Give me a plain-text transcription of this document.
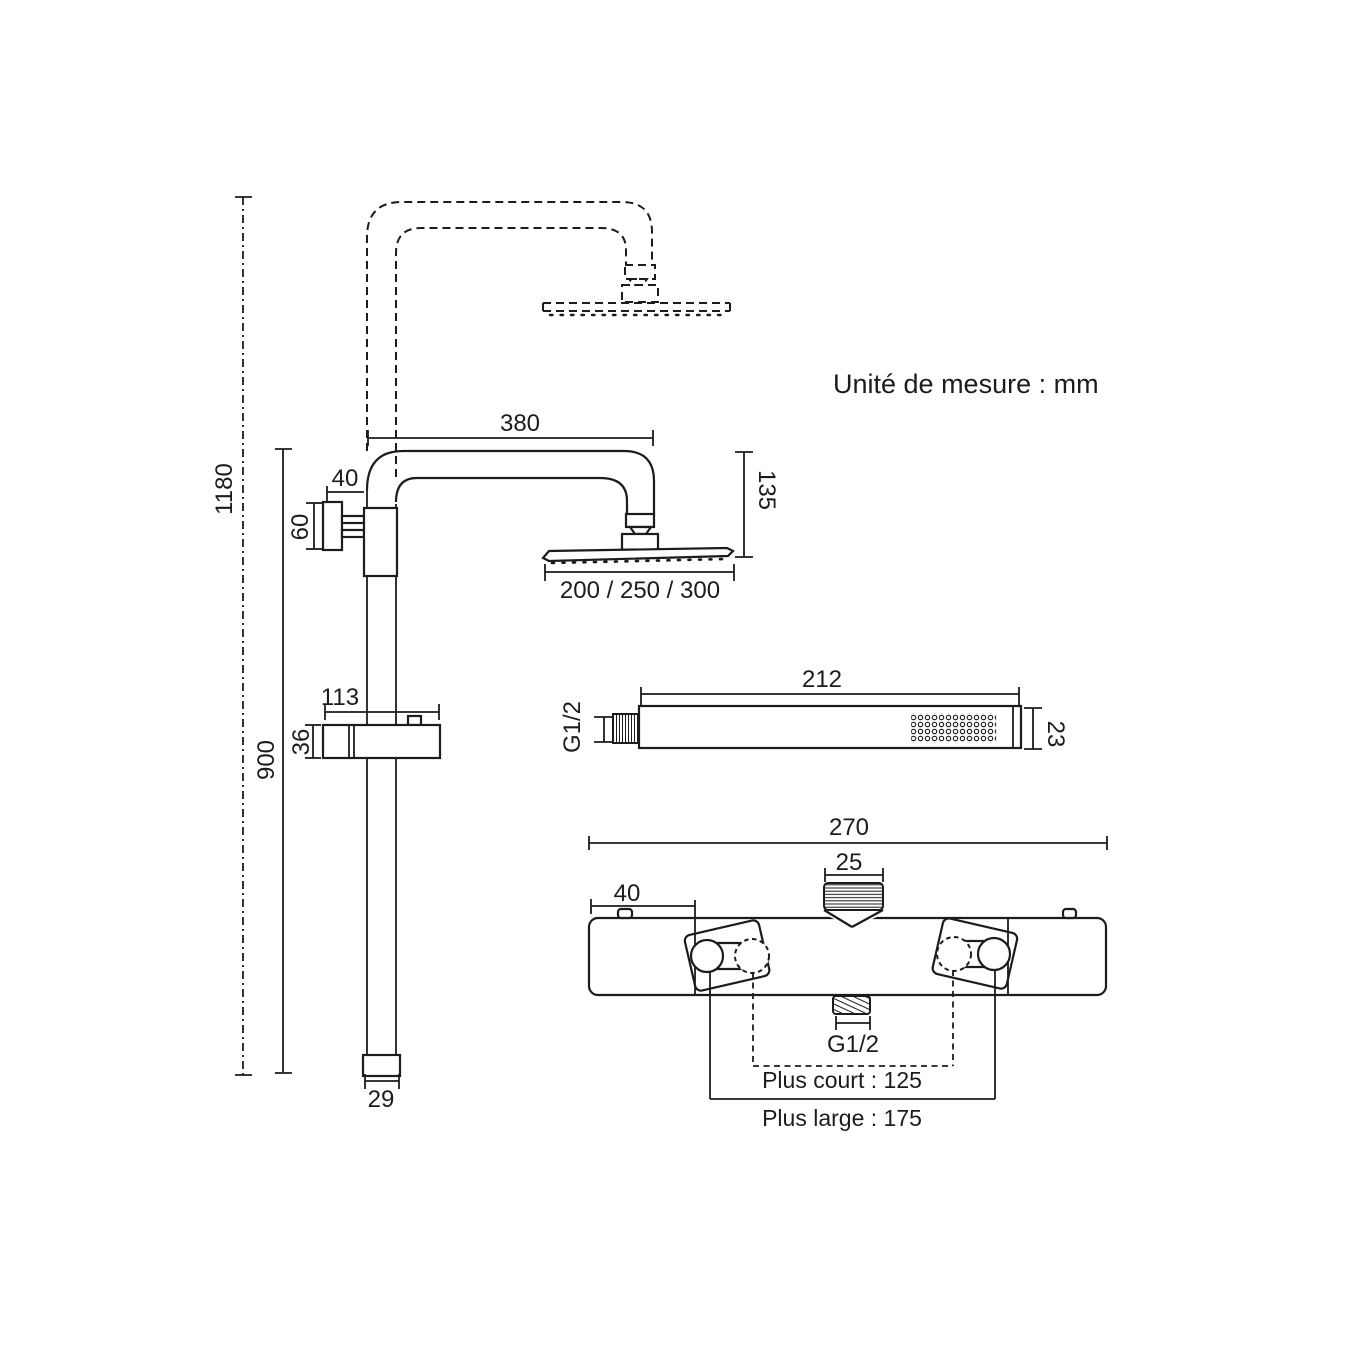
1180
900
380
135
200 / 250 / 300
40
60
113
36
29
Unité de mesure : mm
212
G1/2	23
270
25
40
G1/2
Plus court : 125
Plus large : 175
